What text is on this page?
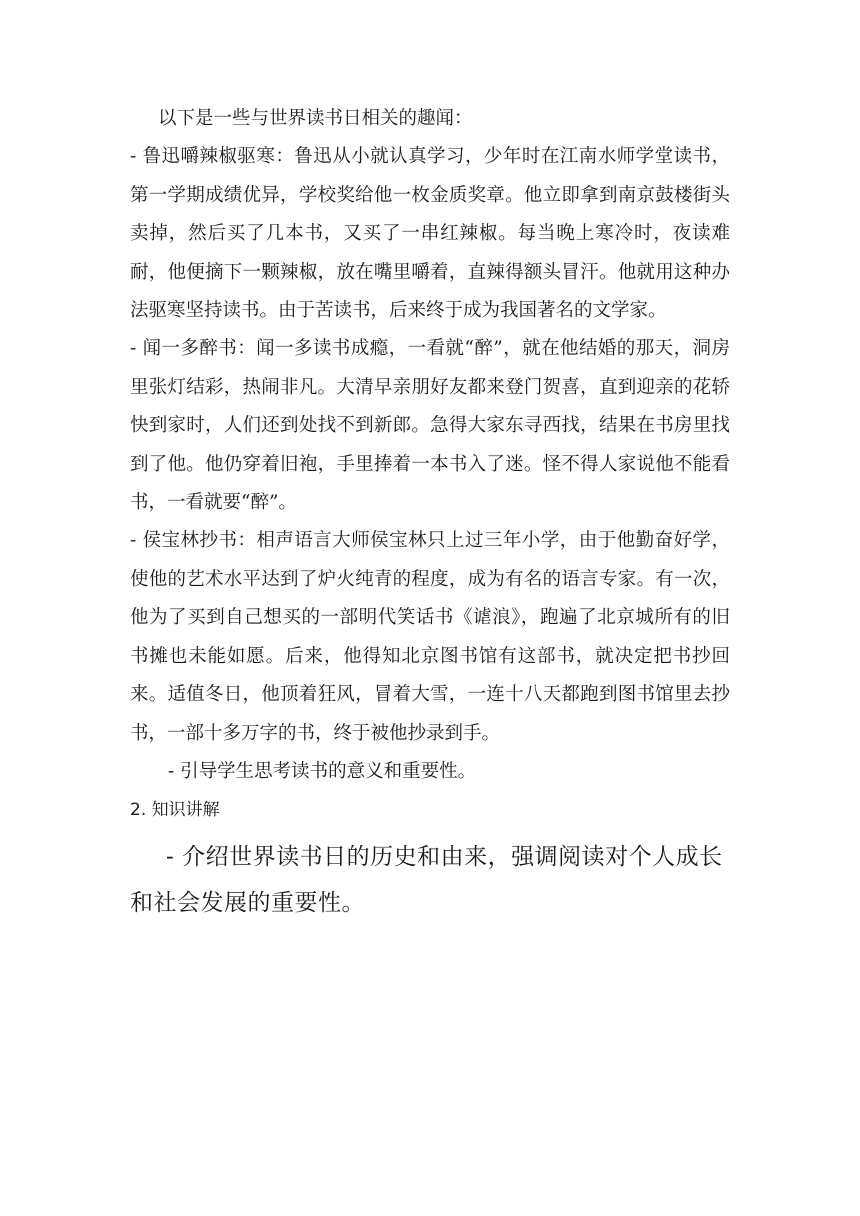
以下是一些与世界读书日相关的趣闻：

- 鲁迅嚼辣椒驱寒：鲁迅从小就认真学习，少年时在江南水师学堂读书，第一学期成绩优异，学校奖给他一枚金质奖章。他立即拿到南京鼓楼街头卖掉，然后买了几本书，又买了一串红辣椒。每当晚上寒冷时，夜读难耐，他便摘下一颗辣椒，放在嘴里嚼着，直辣得额头冒汗。他就用这种办法驱寒坚持读书。由于苦读书，后来终于成为我国著名的文学家。

- 闻一多醉书：闻一多读书成瘾，一看就“醉”，就在他结婚的那天，洞房里张灯结彩，热闹非凡。大清早亲朋好友都来登门贺喜，直到迎亲的花轿快到家时，人们还到处找不到新郎。急得大家东寻西找，结果在书房里找到了他。他仍穿着旧袍，手里捧着一本书入了迷。怪不得人家说他不能看书，一看就要“醉”。

- 侯宝林抄书：相声语言大师侯宝林只上过三年小学，由于他勤奋好学，使他的艺术水平达到了炉火纯青的程度，成为有名的语言专家。有一次，他为了买到自己想买的一部明代笑话书《谑浪》，跑遍了北京城所有的旧书摊也未能如愿。后来，他得知北京图书馆有这部书，就决定把书抄回来。适值冬日，他顶着狂风，冒着大雪，一连十八天都跑到图书馆里去抄书，一部十多万字的书，终于被他抄录到手。

- 引导学生思考读书的意义和重要性。

2. 知识讲解

- 介绍世界读书日的历史和由来，强调阅读对个人成长和社会发展的重要性。
